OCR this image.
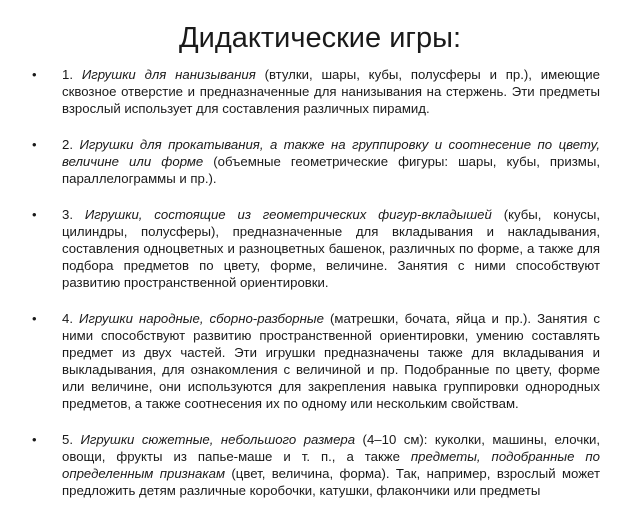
Дидактические игры:
• 1. Игрушки для нанизывания (втулки, шары, кубы, полусферы и пр.), имеющие сквозное отверстие и предназначенные для нанизывания на стержень. Эти предметы взрослый использует для составления различных пирамид.
• 2. Игрушки для прокатывания, а также на группировку и соотнесение по цвету, величине или форме (объемные геометрические фигуры: шары, кубы, призмы, параллелограммы и пр.).
• 3. Игрушки, состоящие из геометрических фигур-вкладышей (кубы, конусы, цилиндры, полусферы), предназначенные для вкладывания и накладывания, составления одноцветных и разноцветных башенок, различных по форме, а также для подбора предметов по цвету, форме, величине. Занятия с ними способствуют развитию пространственной ориентировки.
• 4. Игрушки народные, сборно-разборные (матрешки, бочата, яйца и пр.). Занятия с ними способствуют развитию пространственной ориентировки, умению составлять предмет из двух частей. Эти игрушки предназначены также для вкладывания и выкладывания, для ознакомления с величиной и пр. Подобранные по цвету, форме или величине, они используются для закрепления навыка группировки однородных предметов, а также соотнесения их по одному или нескольким свойствам.
• 5. Игрушки сюжетные, небольшого размера (4–10 см): куколки, машины, елочки, овощи, фрукты из папье-маше и т. п., а также предметы, подобранные по определенным признакам (цвет, величина, форма). Так, например, взрослый может предложить детям различные коробочки, катушки, флакончики или предметы
